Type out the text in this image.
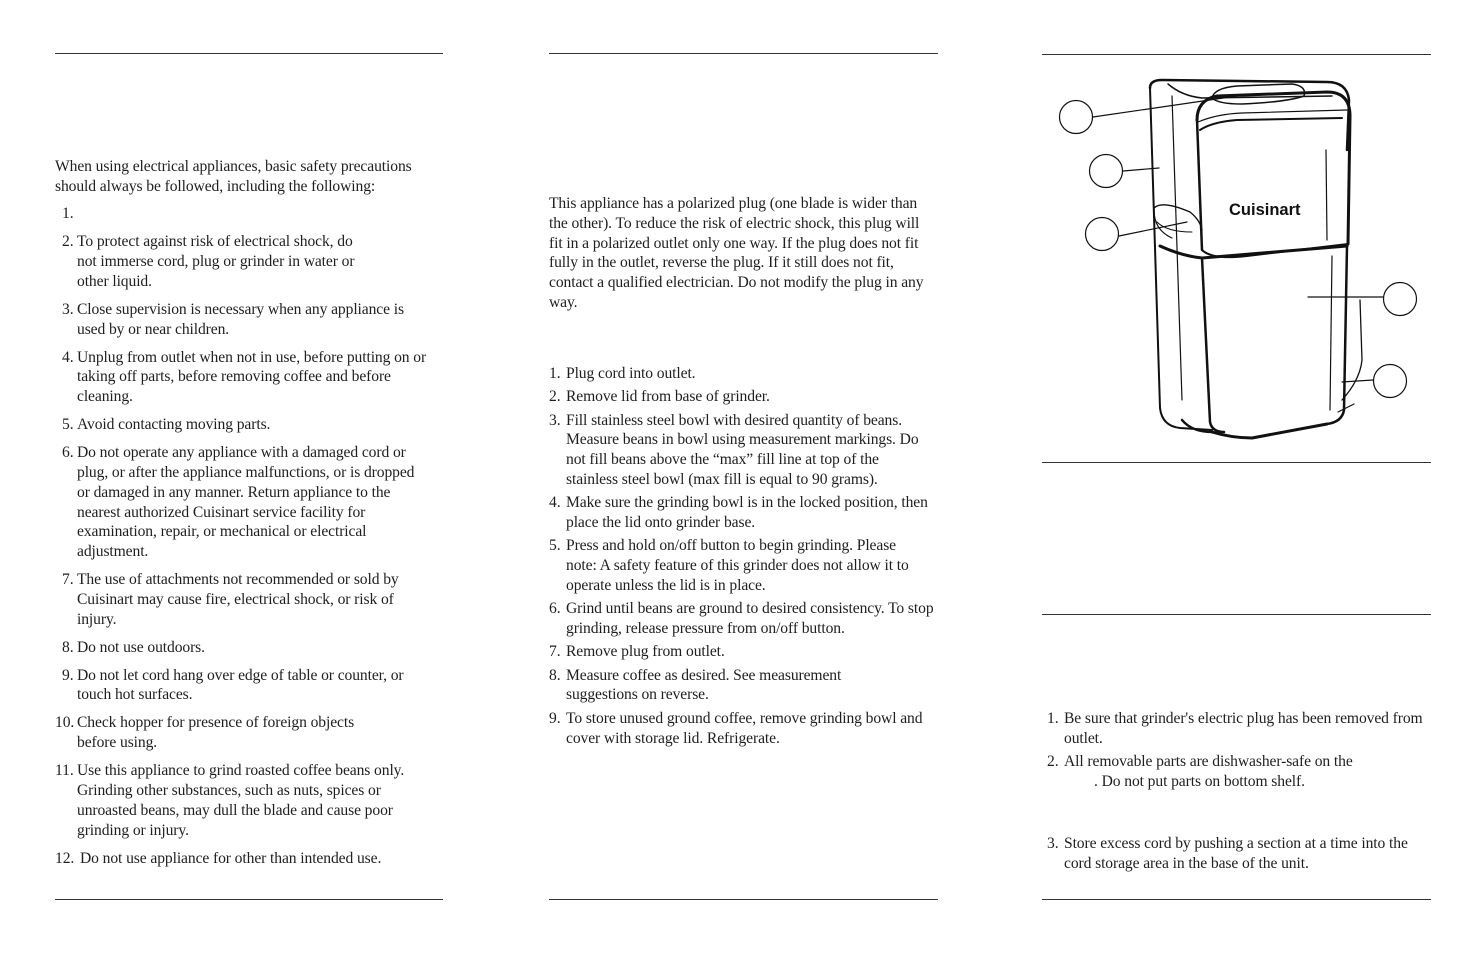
When using electrical appliances, basic safety precautions should always be followed, including the following:

1.
2. To protect against risk of electrical shock, do not immerse cord, plug or grinder in water or other liquid.
3. Close supervision is necessary when any appliance is used by or near children.
4. Unplug from outlet when not in use, before putting on or taking off parts, before removing coffee and before cleaning.
5. Avoid contacting moving parts.
6. Do not operate any appliance with a damaged cord or plug, or after the appliance malfunctions, or is dropped or damaged in any manner. Return appliance to the nearest authorized Cuisinart service facility for examination, repair, or mechanical or electrical adjustment.
7. The use of attachments not recommended or sold by Cuisinart may cause fire, electrical shock, or risk of injury.
8. Do not use outdoors.
9. Do not let cord hang over edge of table or counter, or touch hot surfaces.
10. Check hopper for presence of foreign objects before using.
11. Use this appliance to grind roasted coffee beans only. Grinding other substances, such as nuts, spices or unroasted beans, may dull the blade and cause poor grinding or injury.
12. Do not use appliance for other than intended use.

This appliance has a polarized plug (one blade is wider than the other). To reduce the risk of electric shock, this plug will fit in a polarized outlet only one way. If the plug does not fit fully in the outlet, reverse the plug. If it still does not fit, contact a qualified electrician. Do not modify the plug in any way.

1. Plug cord into outlet.
2. Remove lid from base of grinder.
3. Fill stainless steel bowl with desired quantity of beans. Measure beans in bowl using measurement markings. Do not fill beans above the “max” fill line at top of the stainless steel bowl (max fill is equal to 90 grams).
4. Make sure the grinding bowl is in the locked position, then place the lid onto grinder base.
5. Press and hold on/off button to begin grinding. Please note: A safety feature of this grinder does not allow it to operate unless the lid is in place.
6. Grind until beans are ground to desired consistency. To stop grinding, release pressure from on/off button.
7. Remove plug from outlet.
8. Measure coffee as desired. See measurement suggestions on reverse.
9. To store unused ground coffee, remove grinding bowl and cover with storage lid. Refrigerate.
Cuisinart
1. Be sure that grinder's electric plug has been removed from outlet.
2. All removable parts are dishwasher-safe on the
. Do not put parts on bottom shelf.
3. Store excess cord by pushing a section at a time into the cord storage area in the base of the unit.
